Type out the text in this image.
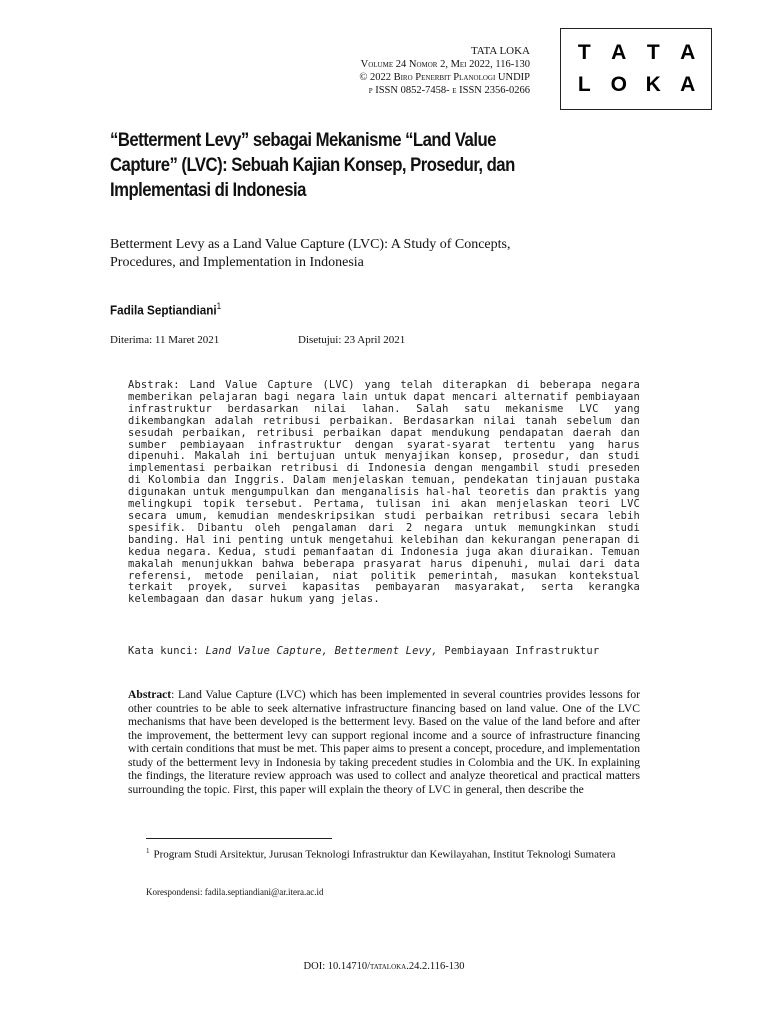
TATA LOKA
Volume 24 Nomor 2, Mei 2022, 116-130
© 2022 Biro Penerbit Planologi UNDIP
p ISSN 0852-7458- e ISSN 2356-0266
T A T A
L O K A
“Betterment Levy” sebagai Mekanisme “Land Value Capture” (LVC): Sebuah Kajian Konsep, Prosedur, dan Implementasi di Indonesia
Betterment Levy as a Land Value Capture (LVC): A Study of Concepts, Procedures, and Implementation in Indonesia
Fadila Septiandiani$^1$
Diterima: 11 Maret 2021	Disetujui: 23 April 2021
Abstrak: Land Value Capture (LVC) yang telah diterapkan di beberapa negara memberikan pelajaran bagi negara lain untuk dapat mencari alternatif pembiayaan infrastruktur berdasarkan nilai lahan. Salah satu mekanisme LVC yang dikembangkan adalah retribusi perbaikan. Berdasarkan nilai tanah sebelum dan sesudah perbaikan, retribusi perbaikan dapat mendukung pendapatan daerah dan sumber pembiayaan infrastruktur dengan syarat-syarat tertentu yang harus dipenuhi. Makalah ini bertujuan untuk menyajikan konsep, prosedur, dan studi implementasi perbaikan retribusi di Indonesia dengan mengambil studi preseden di Kolombia dan Inggris. Dalam menjelaskan temuan, pendekatan tinjauan pustaka digunakan untuk mengumpulkan dan menganalisis hal-hal teoretis dan praktis yang melingkupi topik tersebut. Pertama, tulisan ini akan menjelaskan teori LVC secara umum, kemudian mendeskripsikan studi perbaikan retribusi secara lebih spesifik. Dibantu oleh pengalaman dari 2 negara untuk memungkinkan studi banding. Hal ini penting untuk mengetahui kelebihan dan kekurangan penerapan di kedua negara. Kedua, studi pemanfaatan di Indonesia juga akan diuraikan. Temuan makalah menunjukkan bahwa beberapa prasyarat harus dipenuhi, mulai dari data referensi, metode penilaian, niat politik pemerintah, masukan kontekstual terkait proyek, survei kapasitas pembayaran masyarakat, serta kerangka kelembagaan dan dasar hukum yang jelas.
Kata kunci: Land Value Capture, Betterment Levy, Pembiayaan Infrastruktur
Abstract: Land Value Capture (LVC) which has been implemented in several countries provides lessons for other countries to be able to seek alternative infrastructure financing based on land value. One of the LVC mechanisms that have been developed is the betterment levy. Based on the value of the land before and after the improvement, the betterment levy can support regional income and a source of infrastructure financing with certain conditions that must be met. This paper aims to present a concept, procedure, and implementation study of the betterment levy in Indonesia by taking precedent studies in Colombia and the UK. In explaining the findings, the literature review approach was used to collect and analyze theoretical and practical matters surrounding the topic. First, this paper will explain the theory of LVC in general, then describe the
$^1$ Program Studi Arsitektur, Jurusan Teknologi Infrastruktur dan Kewilayahan, Institut Teknologi Sumatera
Korespondensi: fadila.septiandiani@ar.itera.ac.id
DOI: 10.14710/tataloka.24.2.116-130
